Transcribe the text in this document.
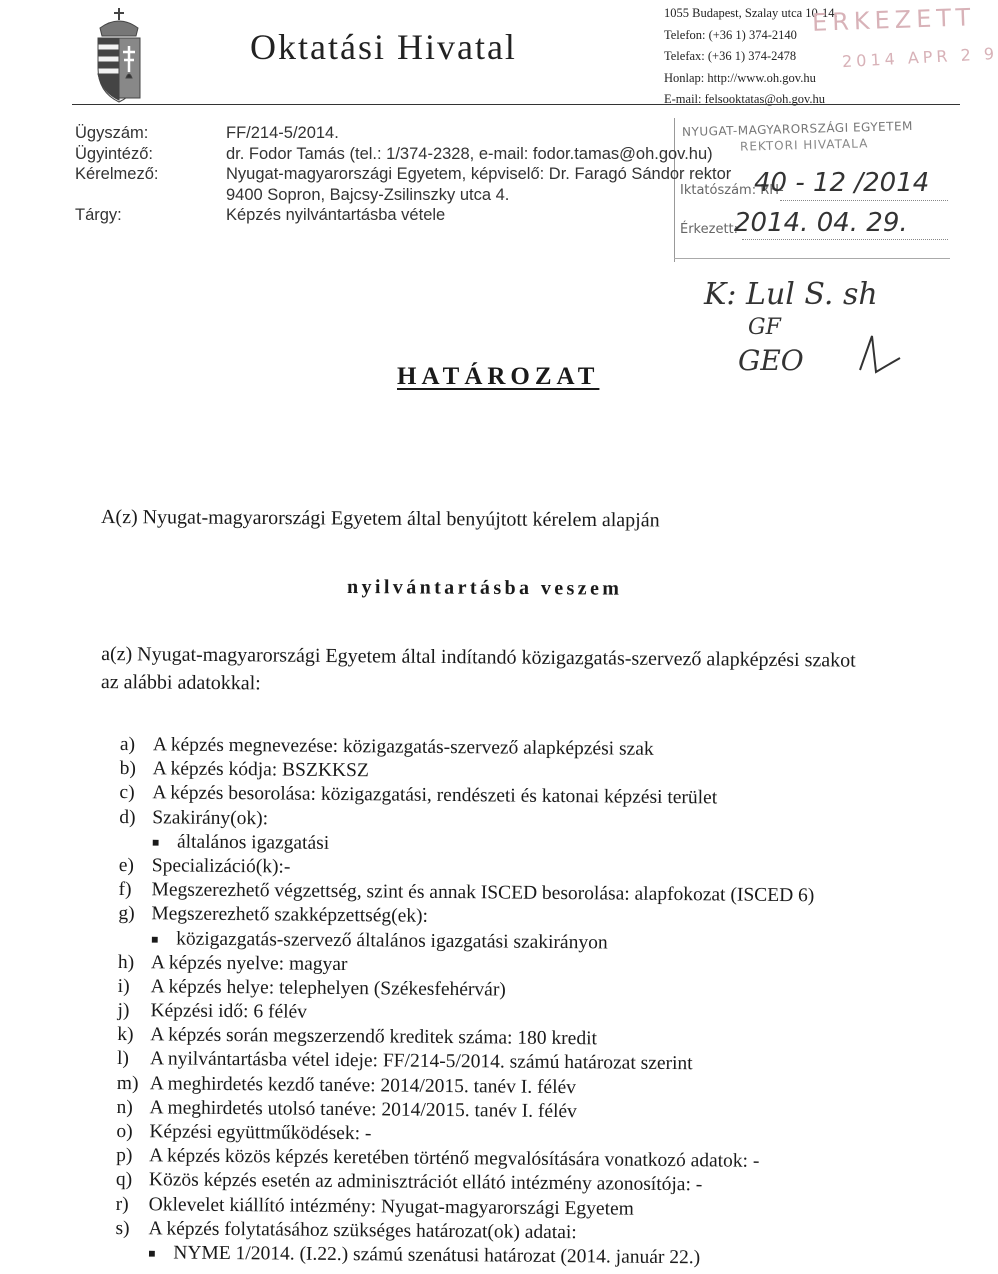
Oktatási Hivatal
1055 Budapest, Szalay utca 10-14.
Telefon: (+36 1) 374-2140
Telefax: (+36 1) 374-2478
Honlap: http://www.oh.gov.hu
E-mail: felsooktatas@oh.gov.hu
ERKEZETT
2014 APR 2 9
NYUGAT-MAGYARORSZÁGI EGYETEM
REKTORI HIVATALA
Iktatószám: RH-
40 - 12 /2014
Érkezett:
2014. 04. 29.
K: Lul S. sh
GF
GEO
Ügyszám:	FF/214-5/2014.
Ügyintéző:	dr. Fodor Tamás (tel.: 1/374-2328, e-mail: fodor.tamas@oh.gov.hu)
Kérelmező:	Nyugat-magyarországi Egyetem, képviselő: Dr. Faragó Sándor rektor
9400 Sopron, Bajcsy-Zsilinszky utca 4.
Tárgy:	Képzés nyilvántartásba vétele
HATÁROZAT
A(z) Nyugat-magyarországi Egyetem által benyújtott kérelem alapján
nyilvántartásba veszem
a(z) Nyugat-magyarországi Egyetem által indítandó közigazgatás-szervező alapképzési szakot
az alábbi adatokkal:
a) A képzés megnevezése: közigazgatás-szervező alapképzési szak
b) A képzés kódja: BSZKKSZ
c) A képzés besorolása: közigazgatási, rendészeti és katonai képzési terület
d) Szakirány(ok):
■ általános igazgatási
e) Specializáció(k):-
f)	Megszerezhető végzettség, szint és annak ISCED besorolása: alapfokozat (ISCED 6)
g) Megszerezhető szakképzettség(ek):
■ közigazgatás-szervező általános igazgatási szakirányon
h) A képzés nyelve: magyar
i)	A képzés helye: telephelyen (Székesfehérvár)
j)	Képzési idő: 6 félév
k) A képzés során megszerzendő kreditek száma: 180 kredit
l)	A nyilvántartásba vétel ideje: FF/214-5/2014. számú határozat szerint
m) A meghirdetés kezdő tanéve: 2014/2015. tanév I. félév
n) A meghirdetés utolsó tanéve: 2014/2015. tanév I. félév
o) Képzési együttműködések: -
p) A képzés közös képzés keretében történő megvalósítására vonatkozó adatok: -
q) Közös képzés esetén az adminisztrációt ellátó intézmény azonosítója: -
r)	Oklevelet kiállító intézmény: Nyugat-magyarországi Egyetem
s) A képzés folytatásához szükséges határozat(ok) adatai:
■ NYME 1/2014. (I.22.) számú szenátusi határozat (2014. január 22.)
